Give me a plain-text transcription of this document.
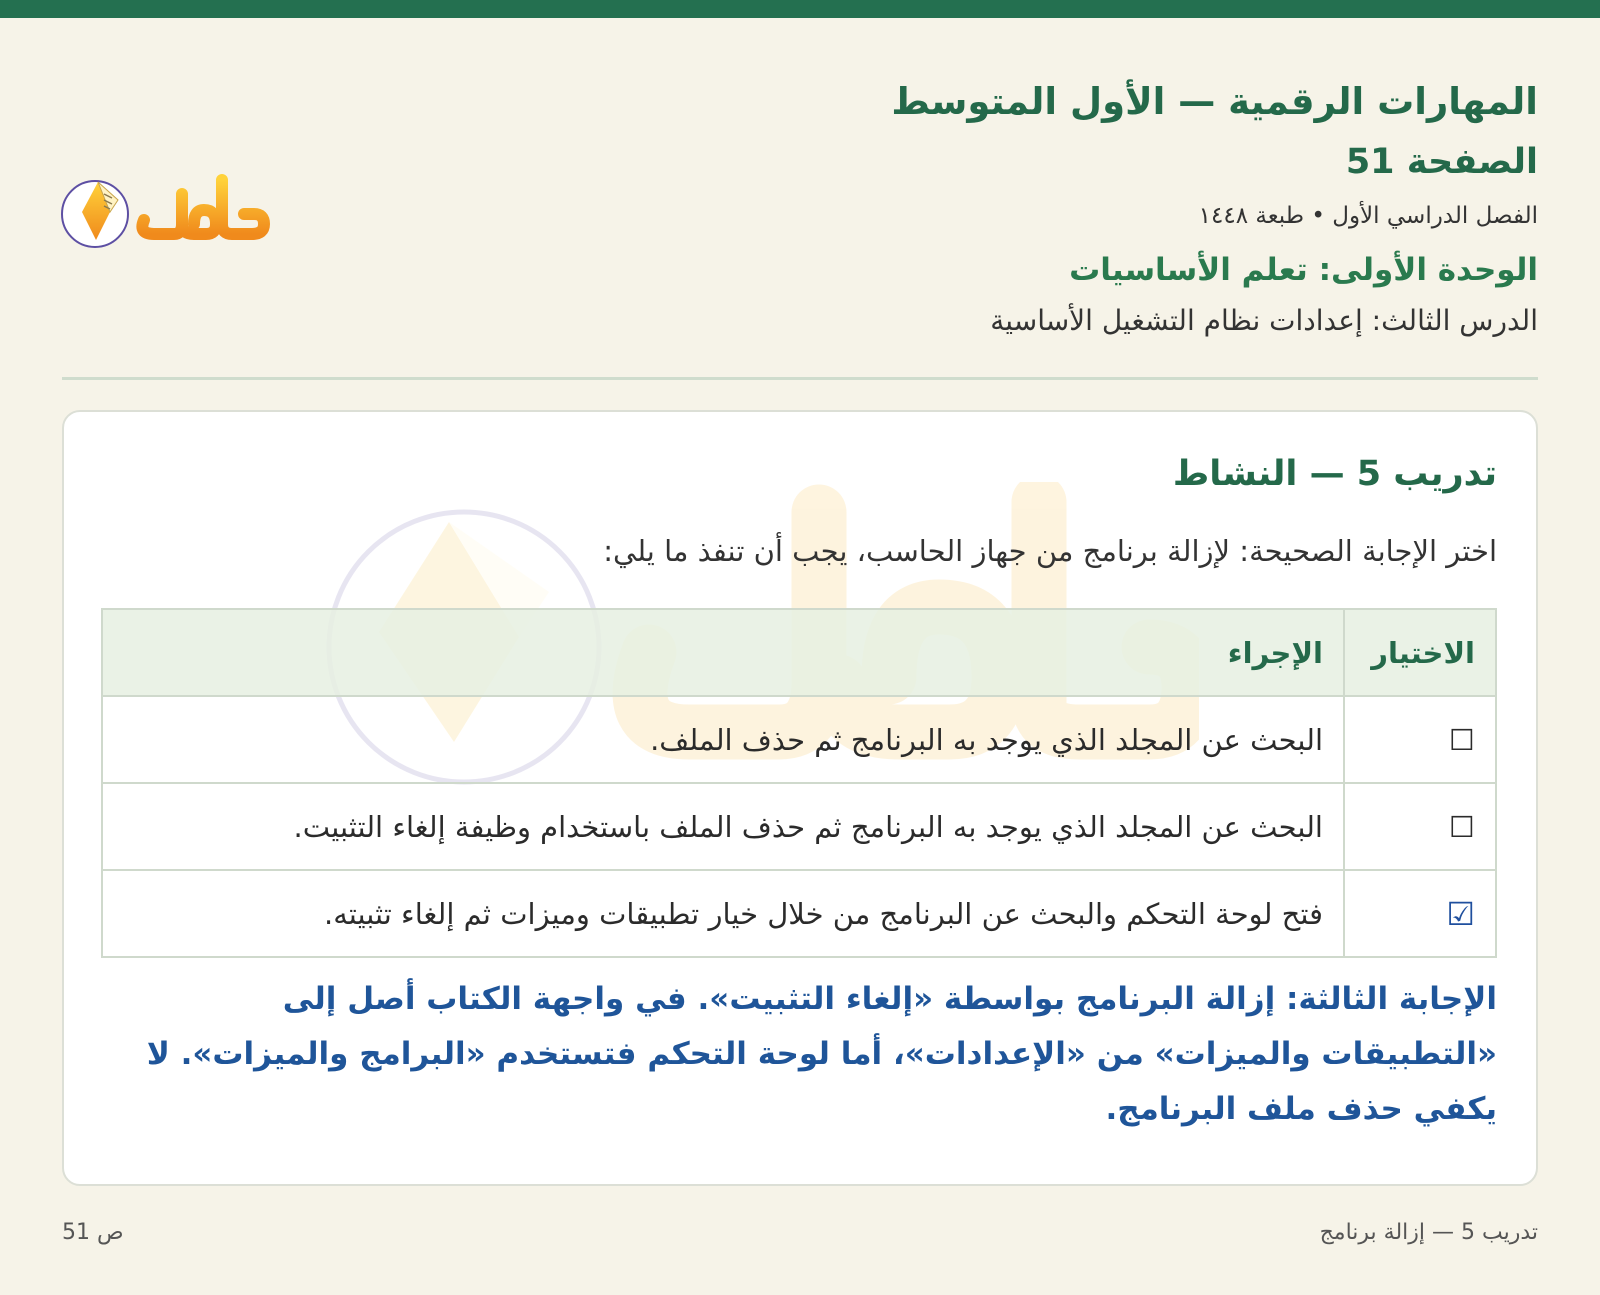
المهارات الرقمية — الأول المتوسط
الصفحة 51
الفصل الدراسي الأول • طبعة ١٤٤٨
الوحدة الأولى: تعلم الأساسيات
الدرس الثالث: إعدادات نظام التشغيل الأساسية
تدريب 5 — النشاط
اختر الإجابة الصحيحة: لإزالة برنامج من جهاز الحاسب، يجب أن تنفذ ما يلي:
الاختيار	الإجراء
☐	البحث عن المجلد الذي يوجد به البرنامج ثم حذف الملف.
☐	البحث عن المجلد الذي يوجد به البرنامج ثم حذف الملف باستخدام وظيفة إلغاء التثبيت.
☑	فتح لوحة التحكم والبحث عن البرنامج من خلال خيار تطبيقات وميزات ثم إلغاء تثبيته.
الإجابة الثالثة: إزالة البرنامج بواسطة «إلغاء التثبيت». في واجهة الكتاب أصل إلى «التطبيقات والميزات» من «الإعدادات»، أما لوحة التحكم فتستخدم «البرامج والميزات». لا يكفي حذف ملف البرنامج.
ص 51	تدريب 5 — إزالة برنامج
